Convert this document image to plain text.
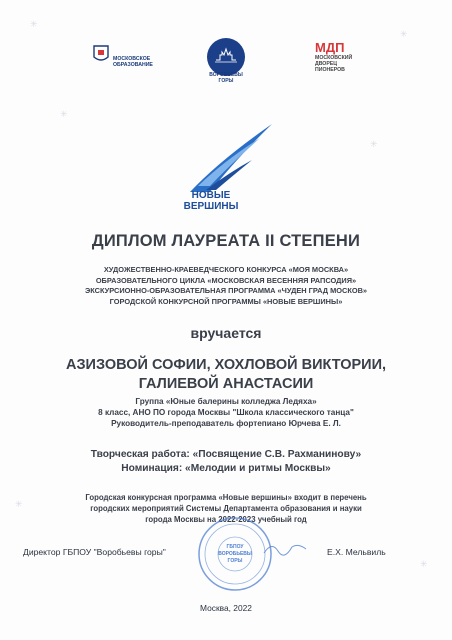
✳
✳
✳
✳
✳
✳
МОСКОВСКОЕ
ОБРАЗОВАНИЕ
ВОРОБЬЕВЫ
ГОРЫ
МДП
МОСКОВСКИЙ
ДВОРЕЦ
ПИОНЕРОВ
НОВЫЕ
ВЕРШИНЫ
ДИПЛОМ ЛАУРЕАТА II СТЕПЕНИ
ХУДОЖЕСТВЕННО-КРАЕВЕДЧЕСКОГО КОНКУРСА «МОЯ МОСКВА»
ОБРАЗОВАТЕЛЬНОГО ЦИКЛА «МОСКОВСКАЯ ВЕСЕННЯЯ РАПСОДИЯ»
ЭКСКУРСИОННО-ОБРАЗОВАТЕЛЬНАЯ ПРОГРАММА «ЧУДЕН ГРАД МОСКОВ»
ГОРОДСКОЙ КОНКУРСНОЙ ПРОГРАММЫ «НОВЫЕ ВЕРШИНЫ»
вручается
АЗИЗОВОЙ СОФИИ, ХОХЛОВОЙ ВИКТОРИИ,
ГАЛИЕВОЙ АНАСТАСИИ
Группа «Юные балерины колледжа Ледяха»
8 класс, АНО ПО города Москвы "Школа классического танца"
Руководитель-преподаватель фортепиано Юрчева Е. Л.
Творческая работа: «Посвящение С.В. Рахманинову»
Номинация: «Мелодии и ритмы Москвы»
Городская конкурсная программа «Новые вершины» входит в перечень
городских мероприятий Системы Департамента образования и науки
города Москвы на 2022-2023 учебный год
ГБПОУ
ВОРОБЬЕВЫ
ГОРЫ
Директор ГБПОУ "Воробьевы горы"	Е.Х. Мельвиль
Москва, 2022
